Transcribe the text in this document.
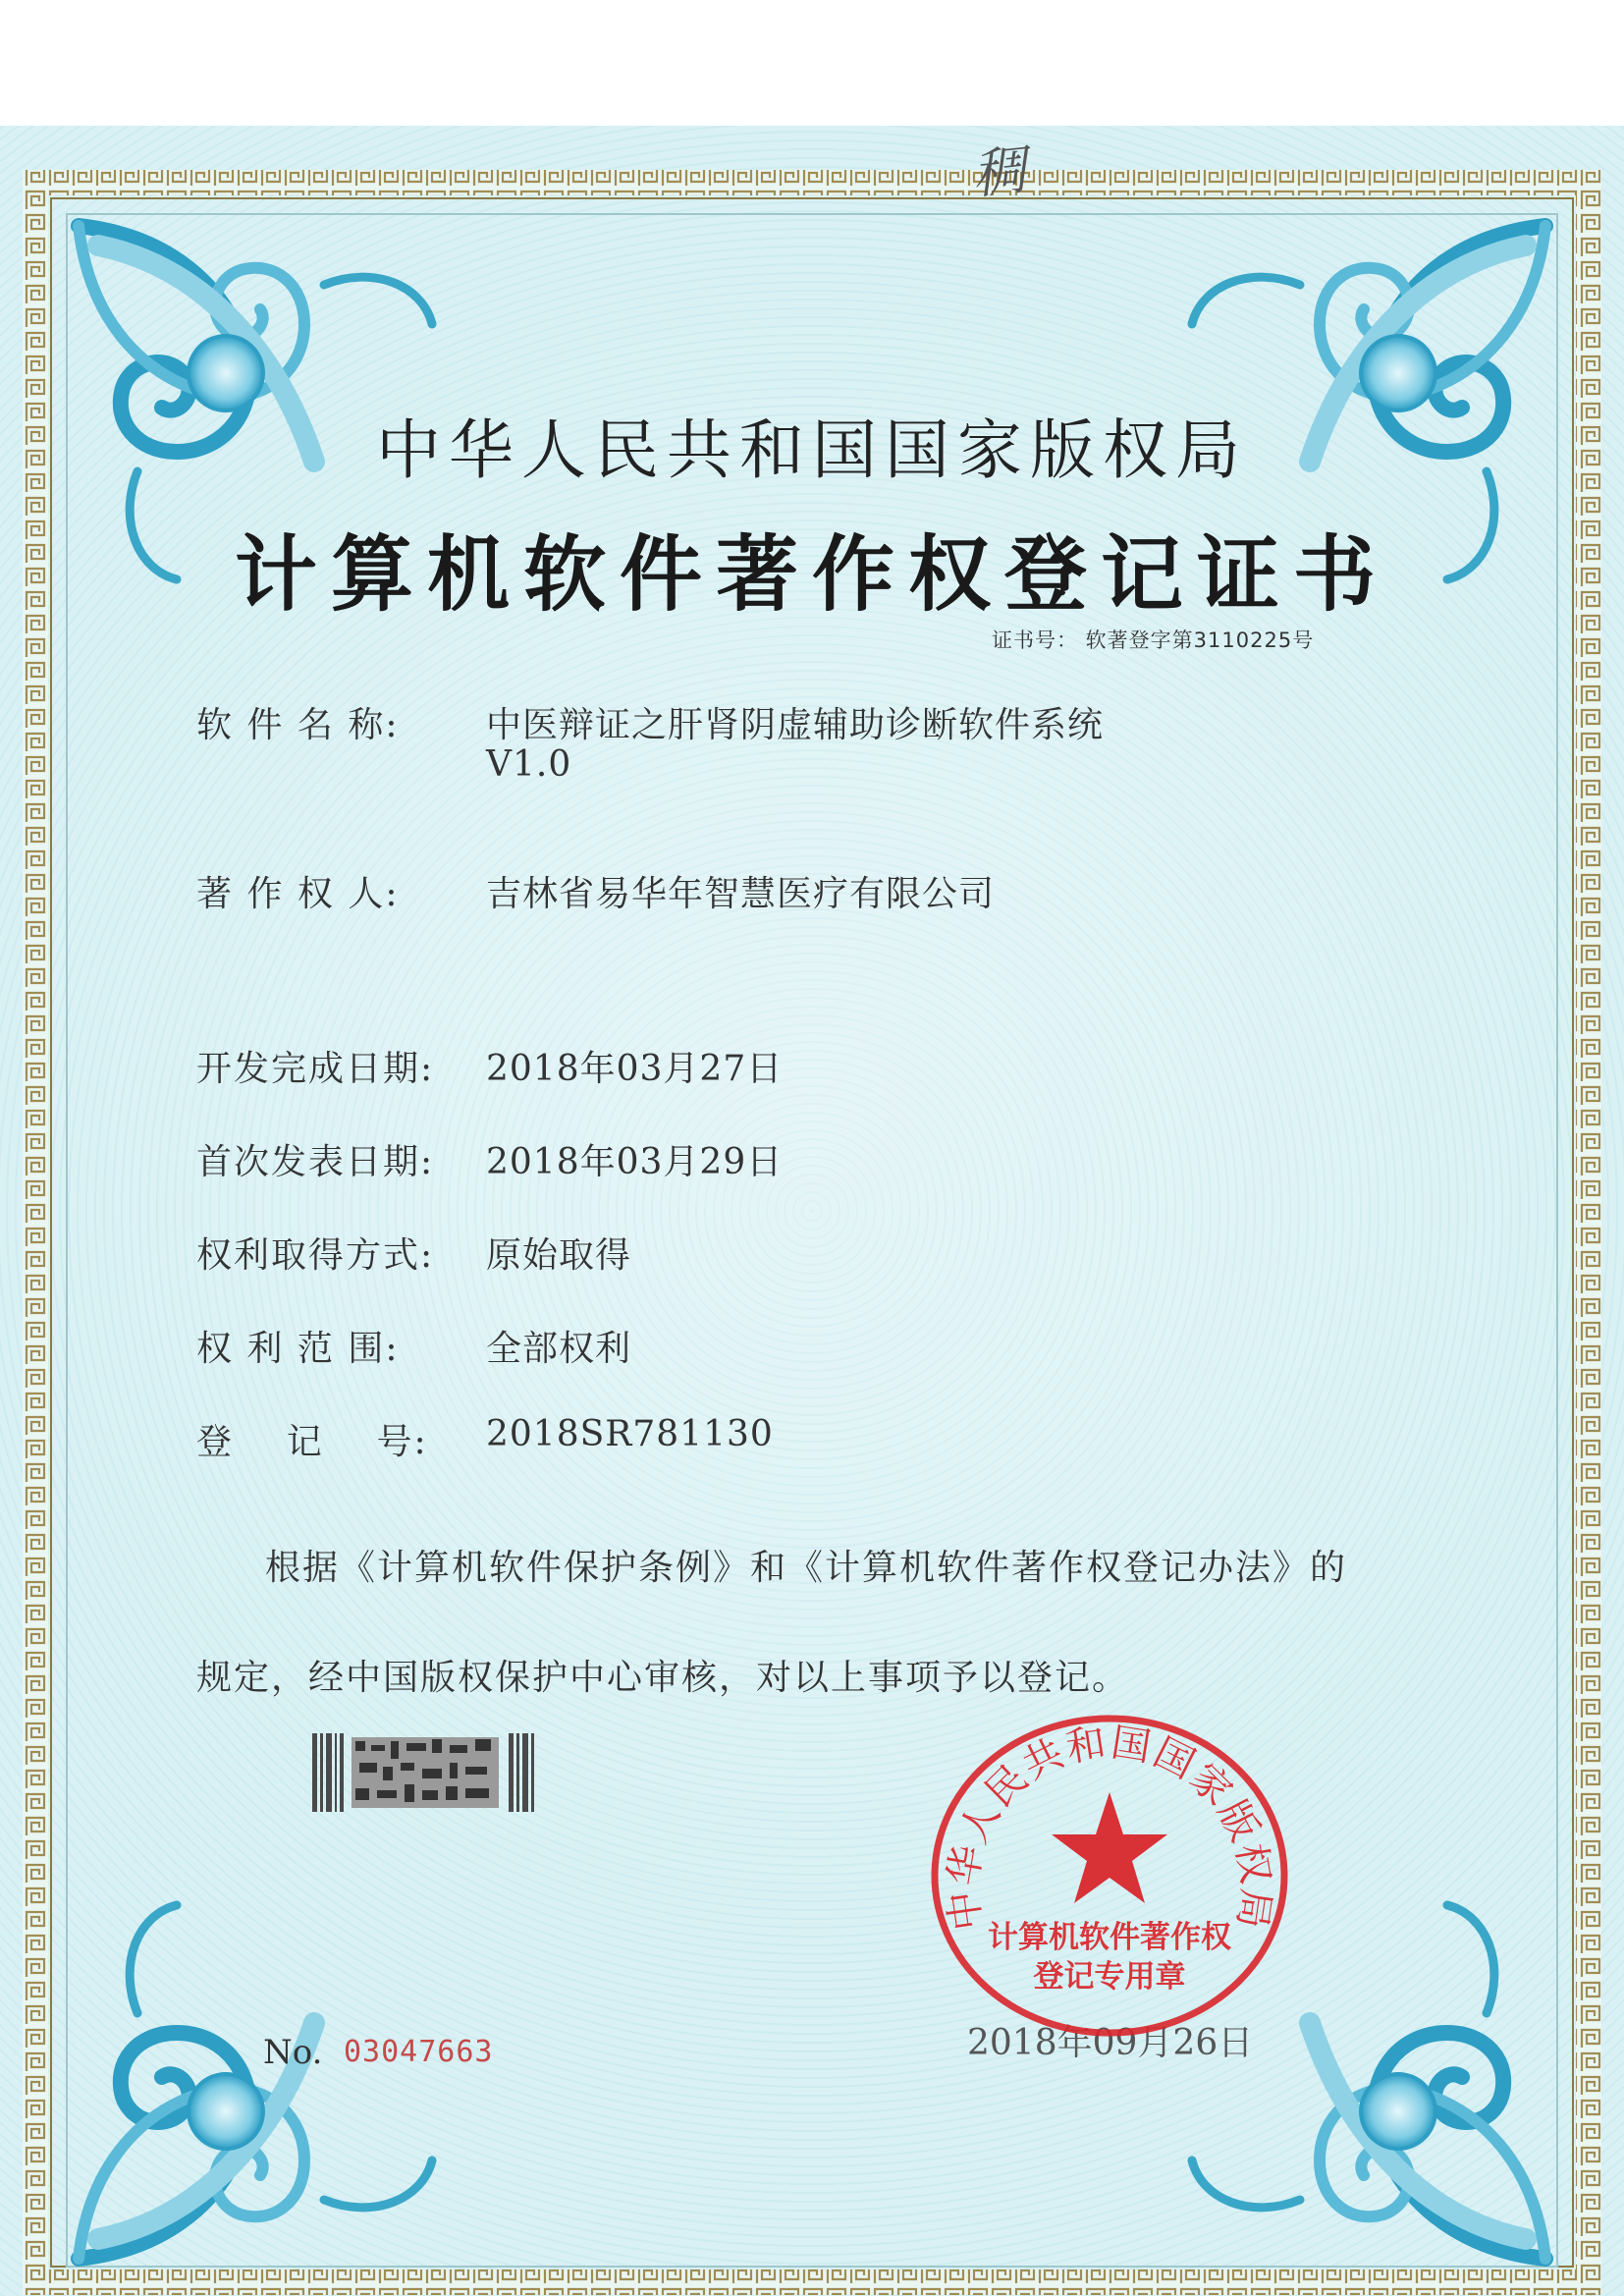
稠
中华人民共和国国家版权局
计算机软件著作权登记证书
证书号： 软著登字第3110225号
软 件 名 称: 中医辩证之肝肾阴虚辅助诊断软件系统
V1.0
著 作 权 人: 吉林省易华年智慧医疗有限公司
开发完成日期: 2018年03月27日
首次发表日期: 2018年03月29日
权利取得方式: 原始取得
权 利 范 围: 全部权利
登    记    号: 2018SR781130
根据《计算机软件保护条例》和《计算机软件著作权登记办法》的
规定，经中国版权保护中心审核，对以上事项予以登记。
No. 03047663	2018年09月26日
中华人民共和国国家版权局
计算机软件著作权
登记专用章
